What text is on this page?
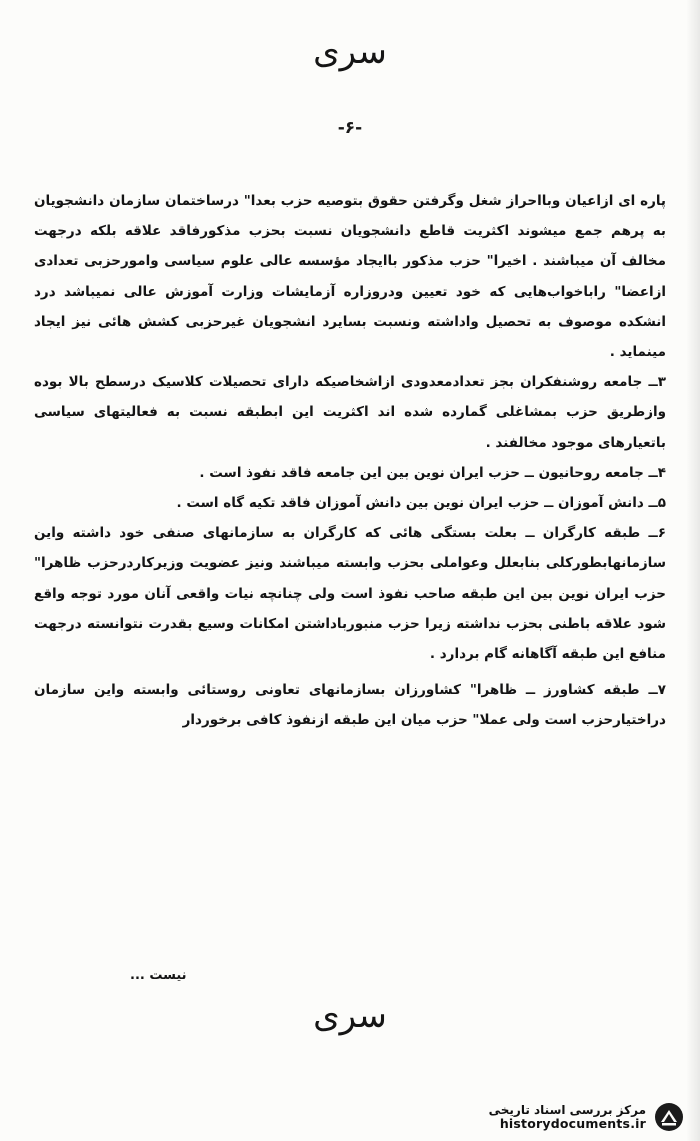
سری
-۶-

پاره ای ازاعیان وبااحراز شغل وگرفتن حقوق بتوصیه حزب بعدا" درساختمان سازمان دانشجویان به پرهم جمع میشوند اکثریت قاطع دانشجویان نسبت بحزب مذکورفاقد علاقه بلکه درجهت مخالف آن میباشند . اخیرا" حزب مذکور باایجاد مؤسسه عالی علوم سیاسی وامورحزبی تعدادی ازاعضا" راباخواب‌هایی که خود تعیین ودروزاره آزمایشات وزارت آموزش عالی نمیباشد درد انشکده موصوف به تحصیل واداشته ونسبت بسایرد انشجویان غیرحزبی کشش هائی نیز ایجاد مینماید .

۳ــ جامعه روشنفکران بجز تعدادمعدودی ازاشخاصیکه دارای تحصیلات کلاسیک درسطح بالا بوده وازطریق حزب بمشاغلی گمارده شده اند اکثریت این ابطبقه نسبت به فعالیتهای سیاسی باتعیارهای موجود مخالفند .

۴ــ جامعه روحانیون ــ حزب ایران نوین بین این جامعه فاقد نفوذ است .

۵ــ دانش آموزان ــ حزب ایران نوین بین دانش آموزان فاقد تکیه گاه است .

۶ــ طبقه کارگران ــ بعلت بستگی هائی که کارگران به سازمانهای صنفی خود داشته واین سازمانهابطورکلی بنابعلل وعواملی بحزب وابسته میباشند ونیز عضویت وزیرکاردرحزب ظاهرا" حزب ایران نوین بین این طبقه صاحب نفوذ است ولی چنانچه نیات واقعی آنان مورد توجه واقع شود علاقه باطنی بحزب نداشته زیرا حزب منبورباداشتن امکانات وسیع بقدرت نتوانسته درجهت منافع این طبقه آگاهانه گام بردارد .

۷ــ طبقه کشاورز ــ ظاهرا" کشاورزان بسازمانهای تعاونی روستائی وابسته واین سازمان دراختیارحزب است ولی عملا" حزب میان این طبقه ازنفوذ کافی برخوردار

نیست ...
سری
مرکز بررسی اسناد تاریخی
historydocuments.ir
